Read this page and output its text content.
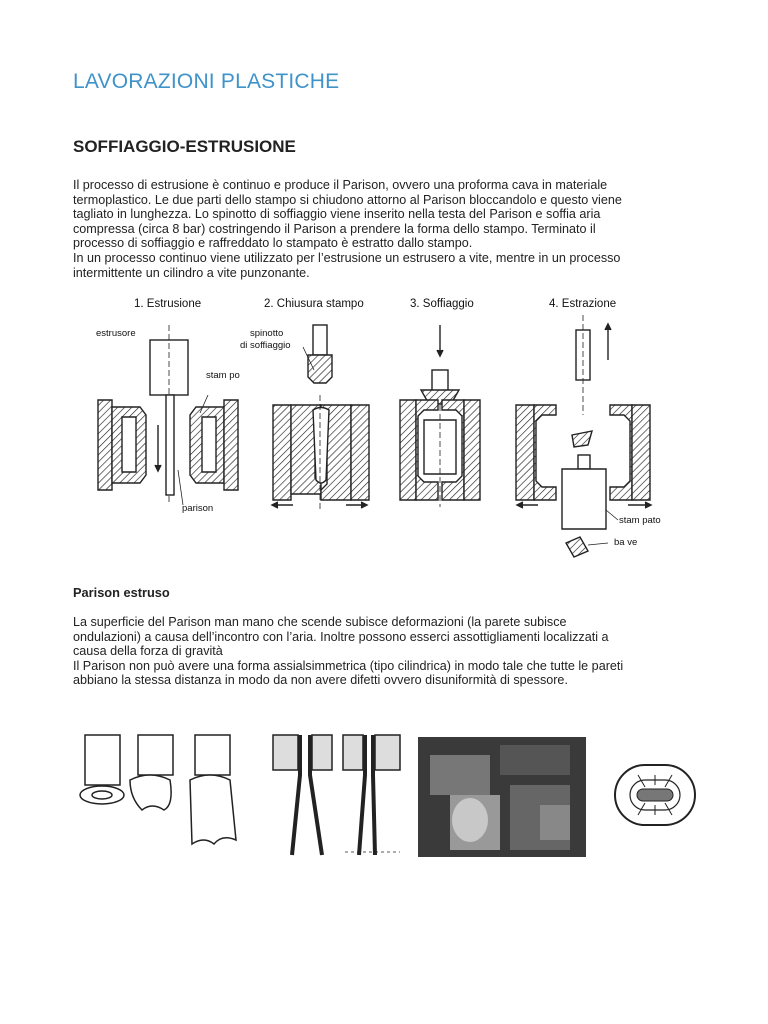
LAVORAZIONI PLASTICHE
SOFFIAGGIO-ESTRUSIONE

Il processo di estrusione è continuo e produce il Parison, ovvero una proforma cava in materiale

termoplastico. Le due parti dello stampo si chiudono attorno al Parison bloccandolo e questo viene

tagliato in lunghezza. Lo spinotto di soffiaggio viene inserito nella testa del Parison e soffia aria

compressa (circa 8 bar) costringendo il Parison a prendere la forma dello stampo. Terminato il

processo di soffiaggio e raffreddato lo stampato è estratto dallo stampo.

In un processo continuo viene utilizzato per l’estrusione un estrusero a vite, mentre in un processo

intermittente un cilindro a vite punzonante.

1. Estrusione	2. Chiusura stampo	3. Soffiaggio	4. Estrazione
estrusore	spinotto
di soffiaggio
stam po
parison
stam pato
ba ve
Parison estruso

La superficie del Parison man mano che scende subisce deformazioni (la parete subisce

ondulazioni) a causa dell’incontro con l’aria. Inoltre possono esserci assottigliamenti localizzati a

causa della forza di gravità

Il Parison non può avere una forma assialsimmetrica (tipo cilindrica) in modo tale che tutte le pareti

abbiano la stessa distanza in modo da non avere difetti ovvero disuniformità di spessore.
